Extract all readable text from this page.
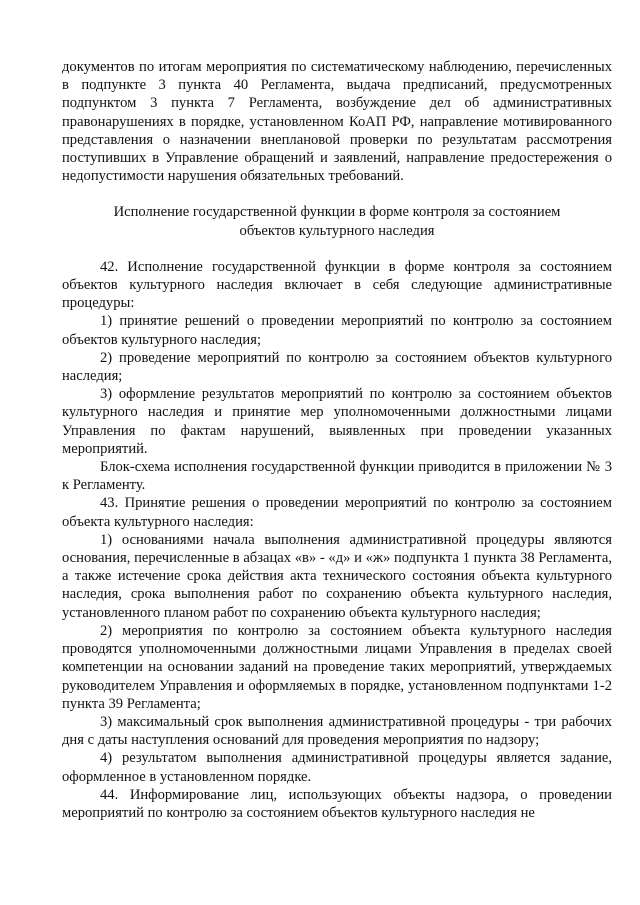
документов по итогам мероприятия по систематическому наблюдению, перечисленных в подпункте 3 пункта 40 Регламента, выдача предписаний, предусмотренных подпунктом 3 пункта 7 Регламента, возбуждение дел об административных правонарушениях в порядке, установленном КоАП РФ, направление мотивированного представления о назначении внеплановой проверки по результатам рассмотрения поступивших в Управление обращений и заявлений, направление предостережения о недопустимости нарушения обязательных требований.

Исполнение государственной функции в форме контроля за состоянием объектов культурного наследия

42. Исполнение государственной функции в форме контроля за состоянием объектов культурного наследия включает в себя следующие административные процедуры:

1) принятие решений о проведении мероприятий по контролю за состоянием объектов культурного наследия;

2) проведение мероприятий по контролю за состоянием объектов культурного наследия;

3) оформление результатов мероприятий по контролю за состоянием объектов культурного наследия и принятие мер уполномоченными должностными лицами Управления по фактам нарушений, выявленных при проведении указанных мероприятий.

Блок-схема исполнения государственной функции приводится в приложении № 3 к Регламенту.

43. Принятие решения о проведении мероприятий по контролю за состоянием объекта культурного наследия:

1) основаниями начала выполнения административной процедуры являются основания, перечисленные в абзацах «в» - «д» и «ж» подпункта 1 пункта 38 Регламента, а также истечение срока действия акта технического состояния объекта культурного наследия, срока выполнения работ по сохранению объекта культурного наследия, установленного планом работ по сохранению объекта культурного наследия;

2) мероприятия по контролю за состоянием объекта культурного наследия проводятся уполномоченными должностными лицами Управления в пределах своей компетенции на основании заданий на проведение таких мероприятий, утверждаемых руководителем Управления и оформляемых в порядке, установленном подпунктами 1-2 пункта 39 Регламента;

3) максимальный срок выполнения административной процедуры - три рабочих дня с даты наступления оснований для проведения мероприятия по надзору;

4) результатом выполнения административной процедуры является задание, оформленное в установленном порядке.

44. Информирование лиц, использующих объекты надзора, о проведении мероприятий по контролю за состоянием объектов культурного наследия не
